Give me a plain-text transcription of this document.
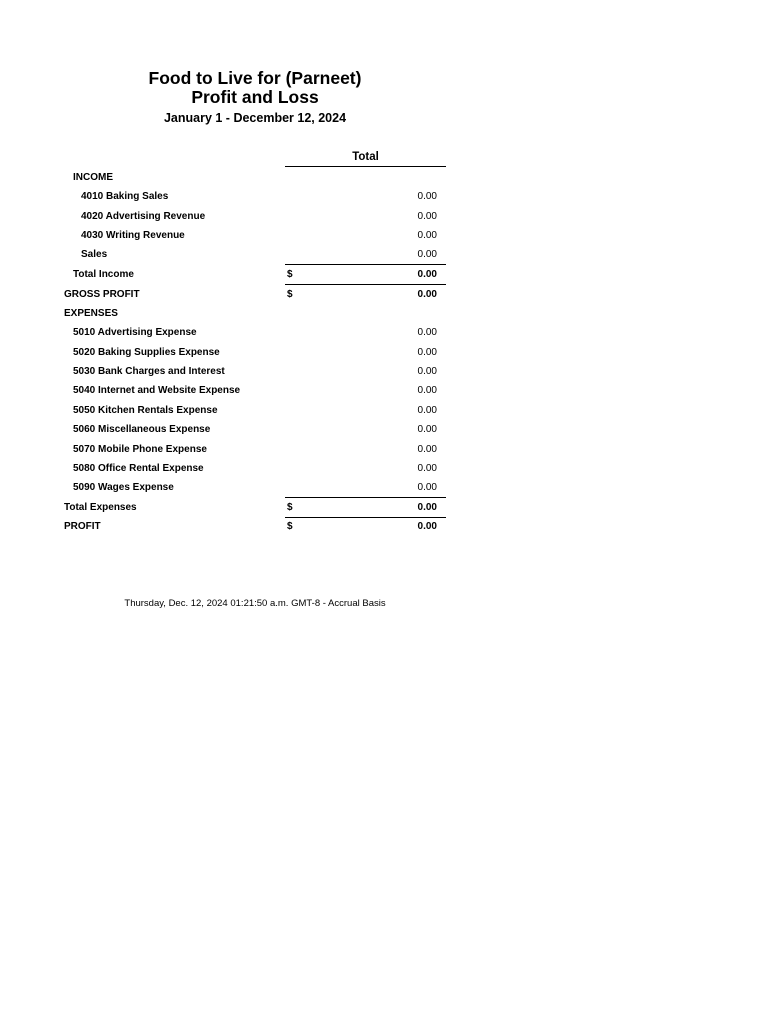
Food to Live for (Parneet)
Profit and Loss
January 1 - December 12, 2024
Total
INCOME
4010 Baking Sales	0.00
4020 Advertising Revenue	0.00
4030 Writing Revenue	0.00
Sales	0.00
Total Income	$	0.00
GROSS PROFIT	$	0.00
EXPENSES
5010 Advertising Expense	0.00
5020 Baking Supplies Expense	0.00
5030 Bank Charges and Interest	0.00
5040 Internet and Website Expense	0.00
5050 Kitchen Rentals Expense	0.00
5060 Miscellaneous Expense	0.00
5070 Mobile Phone Expense	0.00
5080 Office Rental Expense	0.00
5090 Wages Expense	0.00
Total Expenses	$	0.00
PROFIT	$	0.00
Thursday, Dec. 12, 2024 01:21:50 a.m. GMT-8 - Accrual Basis
